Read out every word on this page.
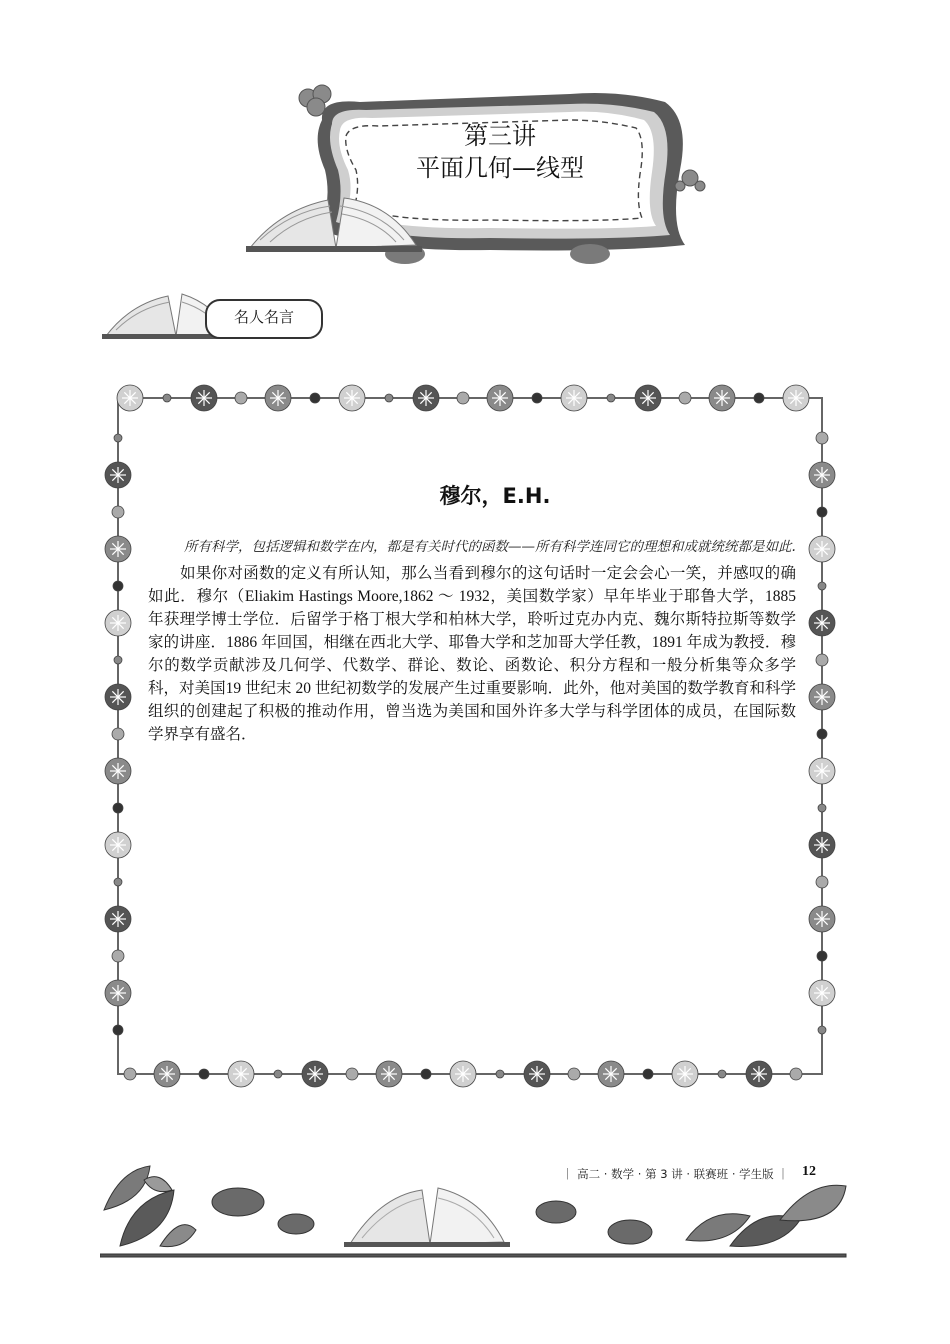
第三讲
平面几何—线型
名人名言
穆尔，E.H.
所有科学，包括逻辑和数学在内，都是有关时代的函数——所有科学连同它的理想和成就统统都是如此.
如果你对函数的定义有所认知，那么当看到穆尔的这句话时一定会会心一笑，并感叹的确如此．穆尔（Eliakim Hastings Moore,1862 ～ 1932，美国数学家）早年毕业于耶鲁大学，1885 年获理学博士学位．后留学于格丁根大学和柏林大学，聆听过克办内克、魏尔斯特拉斯等数学家的讲座．1886 年回国，相继在西北大学、耶鲁大学和芝加哥大学任教，1891 年成为教授．穆尔的数学贡献涉及几何学、代数学、群论、数论、函数论、积分方程和一般分析集等众多学科，对美国19 世纪末 20 世纪初数学的发展产生过重要影响．此外，他对美国的数学教育和科学组织的创建起了积极的推动作用，曾当选为美国和国外许多大学与科学团体的成员，在国际数学界享有盛名．
｜ 高二 · 数学 · 第 3 讲 · 联赛班 · 学生版 ｜ 12
